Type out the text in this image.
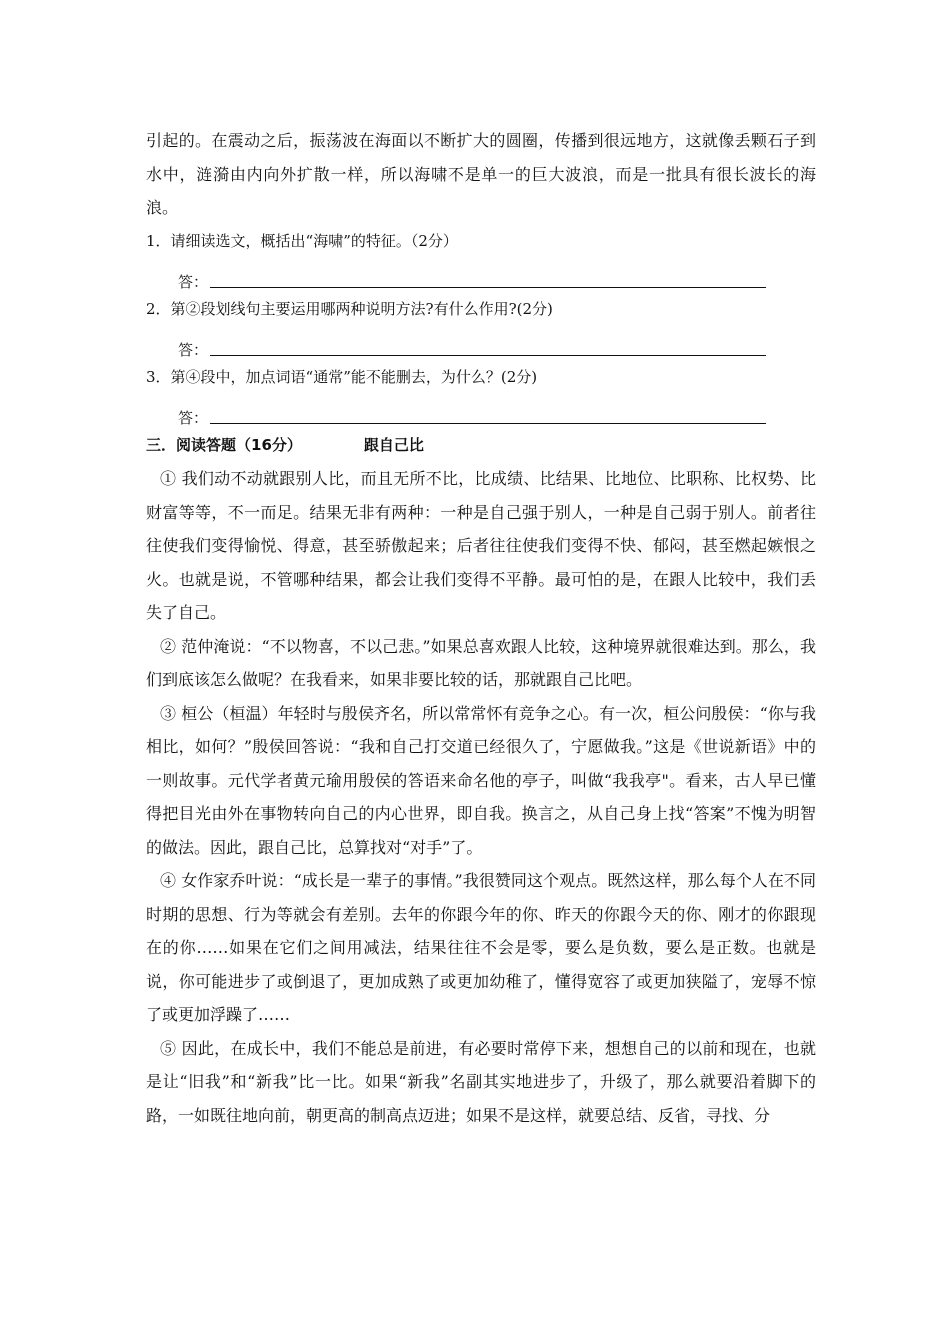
引起的。在震动之后，振荡波在海面以不断扩大的圆圈，传播到很远地方，这就像丢颗石子到水中，涟漪由内向外扩散一样，所以海啸不是单一的巨大波浪，而是一批具有很长波长的海浪。

1．请细读选文，概括出“海啸”的特征。（2分）

答：

2．第②段划线句主要运用哪两种说明方法?有什么作用?(2分)

答：

3．第④段中，加点词语“通常”能不能删去，为什么？(2分)

答：

三．阅读答题（16分）	跟自己比

① 我们动不动就跟别人比，而且无所不比，比成绩、比结果、比地位、比职称、比权势、比财富等等，不一而足。结果无非有两种：一种是自己强于别人，一种是自己弱于别人。前者往往使我们变得愉悦、得意，甚至骄傲起来；后者往往使我们变得不快、郁闷，甚至燃起嫉恨之火。也就是说，不管哪种结果，都会让我们变得不平静。最可怕的是，在跟人比较中，我们丢失了自己。

② 范仲淹说：“不以物喜，不以己悲。”如果总喜欢跟人比较，这种境界就很难达到。那么，我们到底该怎么做呢？在我看来，如果非要比较的话，那就跟自己比吧。

③ 桓公（桓温）年轻时与殷侯齐名，所以常常怀有竞争之心。有一次，桓公问殷侯：“你与我相比，如何？”殷侯回答说：“我和自己打交道已经很久了，宁愿做我。”这是《世说新语》中的一则故事。元代学者黄元瑜用殷侯的答语来命名他的亭子，叫做“我我亭"。看来，古人早已懂得把目光由外在事物转向自己的内心世界，即自我。换言之，从自己身上找“答案”不愧为明智的做法。因此，跟自己比，总算找对“对手”了。

④ 女作家乔叶说：“成长是一辈子的事情。”我很赞同这个观点。既然这样，那么每个人在不同时期的思想、行为等就会有差别。去年的你跟今年的你、昨天的你跟今天的你、刚才的你跟现在的你……如果在它们之间用减法，结果往往不会是零，要么是负数，要么是正数。也就是说，你可能进步了或倒退了，更加成熟了或更加幼稚了，懂得宽容了或更加狭隘了，宠辱不惊了或更加浮躁了……

⑤ 因此，在成长中，我们不能总是前进，有必要时常停下来，想想自己的以前和现在，也就是让“旧我”和“新我”比一比。如果“新我”名副其实地进步了，升级了，那么就要沿着脚下的路，一如既往地向前，朝更高的制高点迈进；如果不是这样，就要总结、反省，寻找、分
